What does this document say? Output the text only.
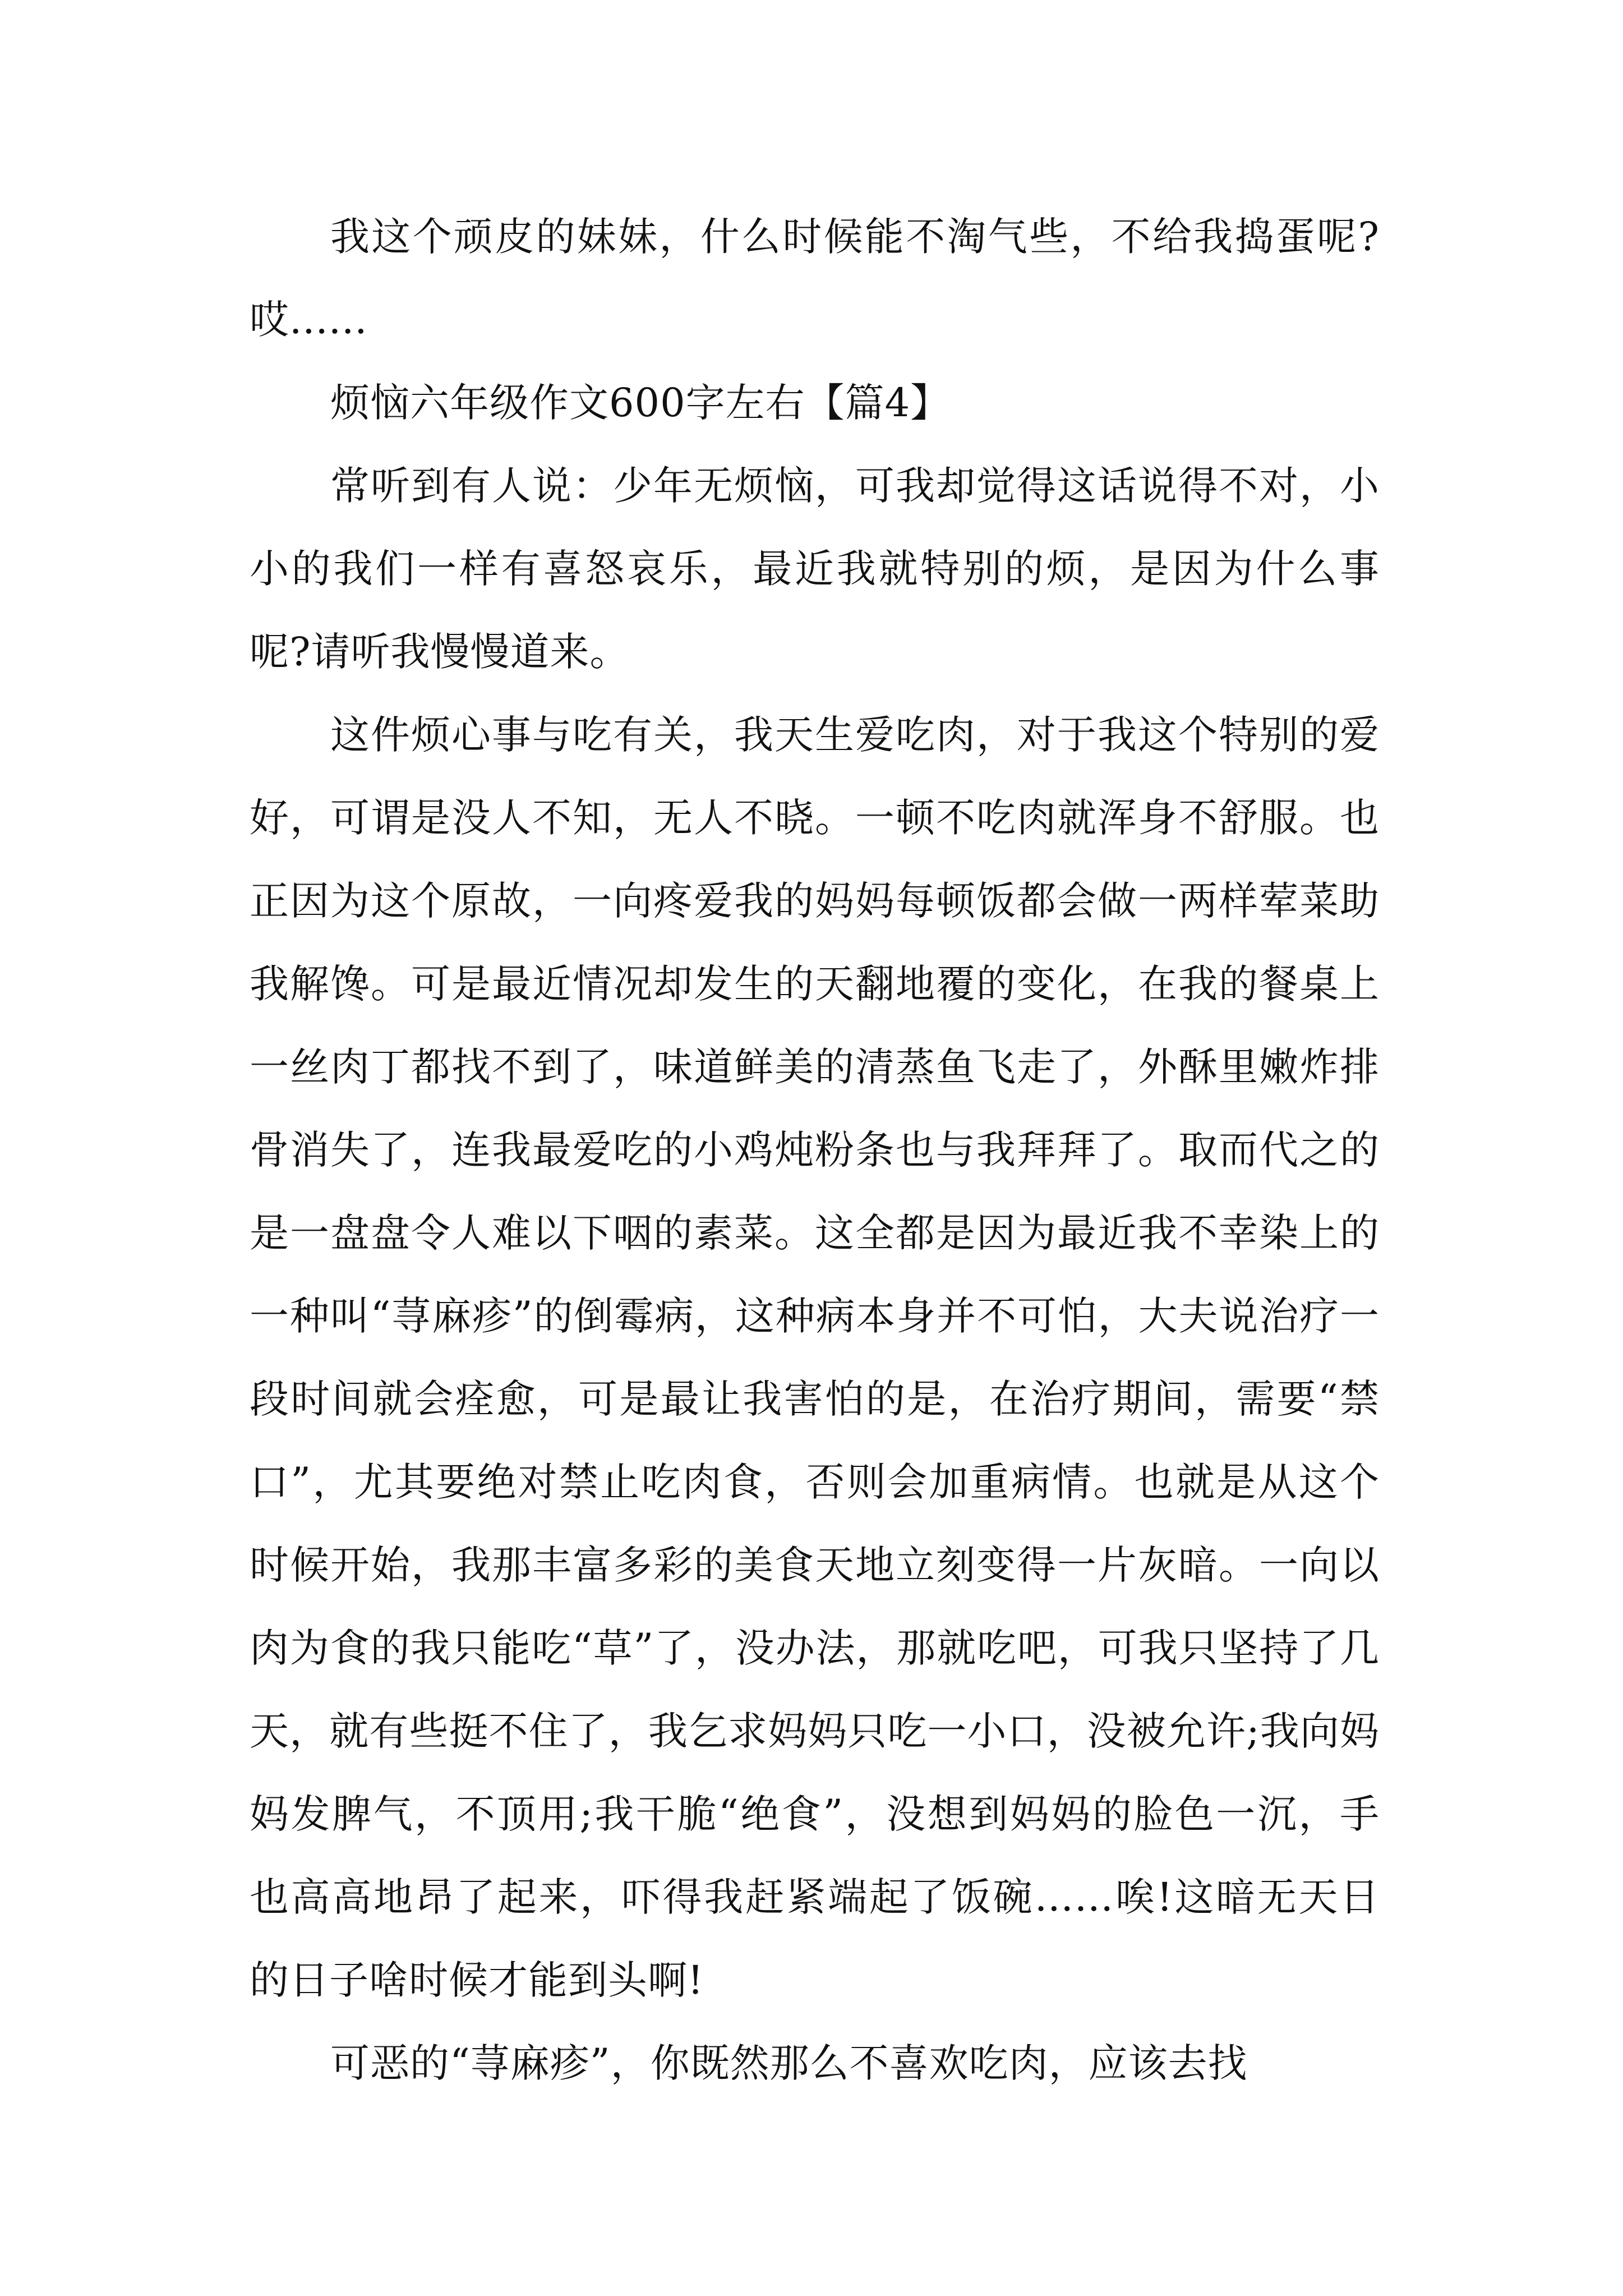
我这个顽皮的妹妹，什么时候能不淘气些，不给我捣蛋呢?哎......

烦恼六年级作文600字左右【篇4】

常听到有人说：少年无烦恼，可我却觉得这话说得不对，小小的我们一样有喜怒哀乐，最近我就特别的烦，是因为什么事呢?请听我慢慢道来。

这件烦心事与吃有关，我天生爱吃肉，对于我这个特别的爱好，可谓是没人不知，无人不晓。一顿不吃肉就浑身不舒服。也正因为这个原故，一向疼爱我的妈妈每顿饭都会做一两样荤菜助我解馋。可是最近情况却发生的天翻地覆的变化，在我的餐桌上一丝肉丁都找不到了，味道鲜美的清蒸鱼飞走了，外酥里嫩炸排骨消失了，连我最爱吃的小鸡炖粉条也与我拜拜了。取而代之的是一盘盘令人难以下咽的素菜。这全都是因为最近我不幸染上的一种叫“荨麻疹”的倒霉病，这种病本身并不可怕，大夫说治疗一段时间就会痊愈，可是最让我害怕的是，在治疗期间，需要“禁口”，尤其要绝对禁止吃肉食，否则会加重病情。也就是从这个时候开始，我那丰富多彩的美食天地立刻变得一片灰暗。一向以肉为食的我只能吃“草”了，没办法，那就吃吧，可我只坚持了几天，就有些挺不住了，我乞求妈妈只吃一小口，没被允许;我向妈妈发脾气，不顶用;我干脆“绝食”，没想到妈妈的脸色一沉，手也高高地昂了起来，吓得我赶紧端起了饭碗……唉!这暗无天日的日子啥时候才能到头啊!

可恶的“荨麻疹”，你既然那么不喜欢吃肉，应该去找
